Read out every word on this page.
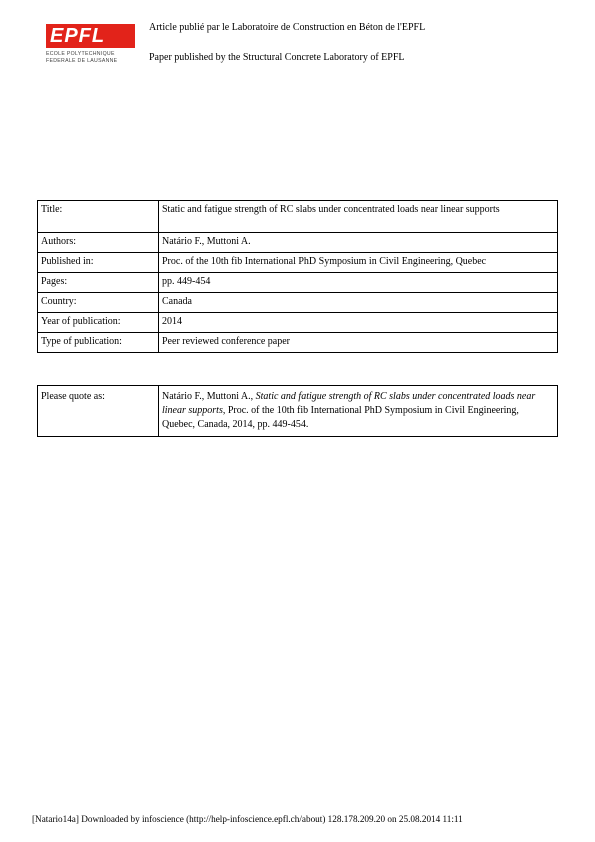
EPFL
ÉCOLE POLYTECHNIQUE
FÉDÉRALE DE LAUSANNE
Article publié par le Laboratoire de Construction en Béton de l'EPFL
Paper published by the Structural Concrete Laboratory of EPFL
Title:	Static and fatigue strength of RC slabs under concentrated loads near linear supports
Authors:	Natário F., Muttoni A.
Published in:	Proc. of the 10th fib International PhD Symposium in Civil Engineering, Quebec
Pages:	pp. 449-454
Country:	Canada
Year of publication:	2014
Type of publication:	Peer reviewed conference paper
Please quote as:	Natário F., Muttoni A., Static and fatigue strength of RC slabs under concentrated loads near linear supports, Proc. of the 10th fib International PhD Symposium in Civil Engineering, Quebec, Canada, 2014, pp. 449-454.
[Natario14a] Downloaded by infoscience (http://help-infoscience.epfl.ch/about) 128.178.209.20 on 25.08.2014 11:11
